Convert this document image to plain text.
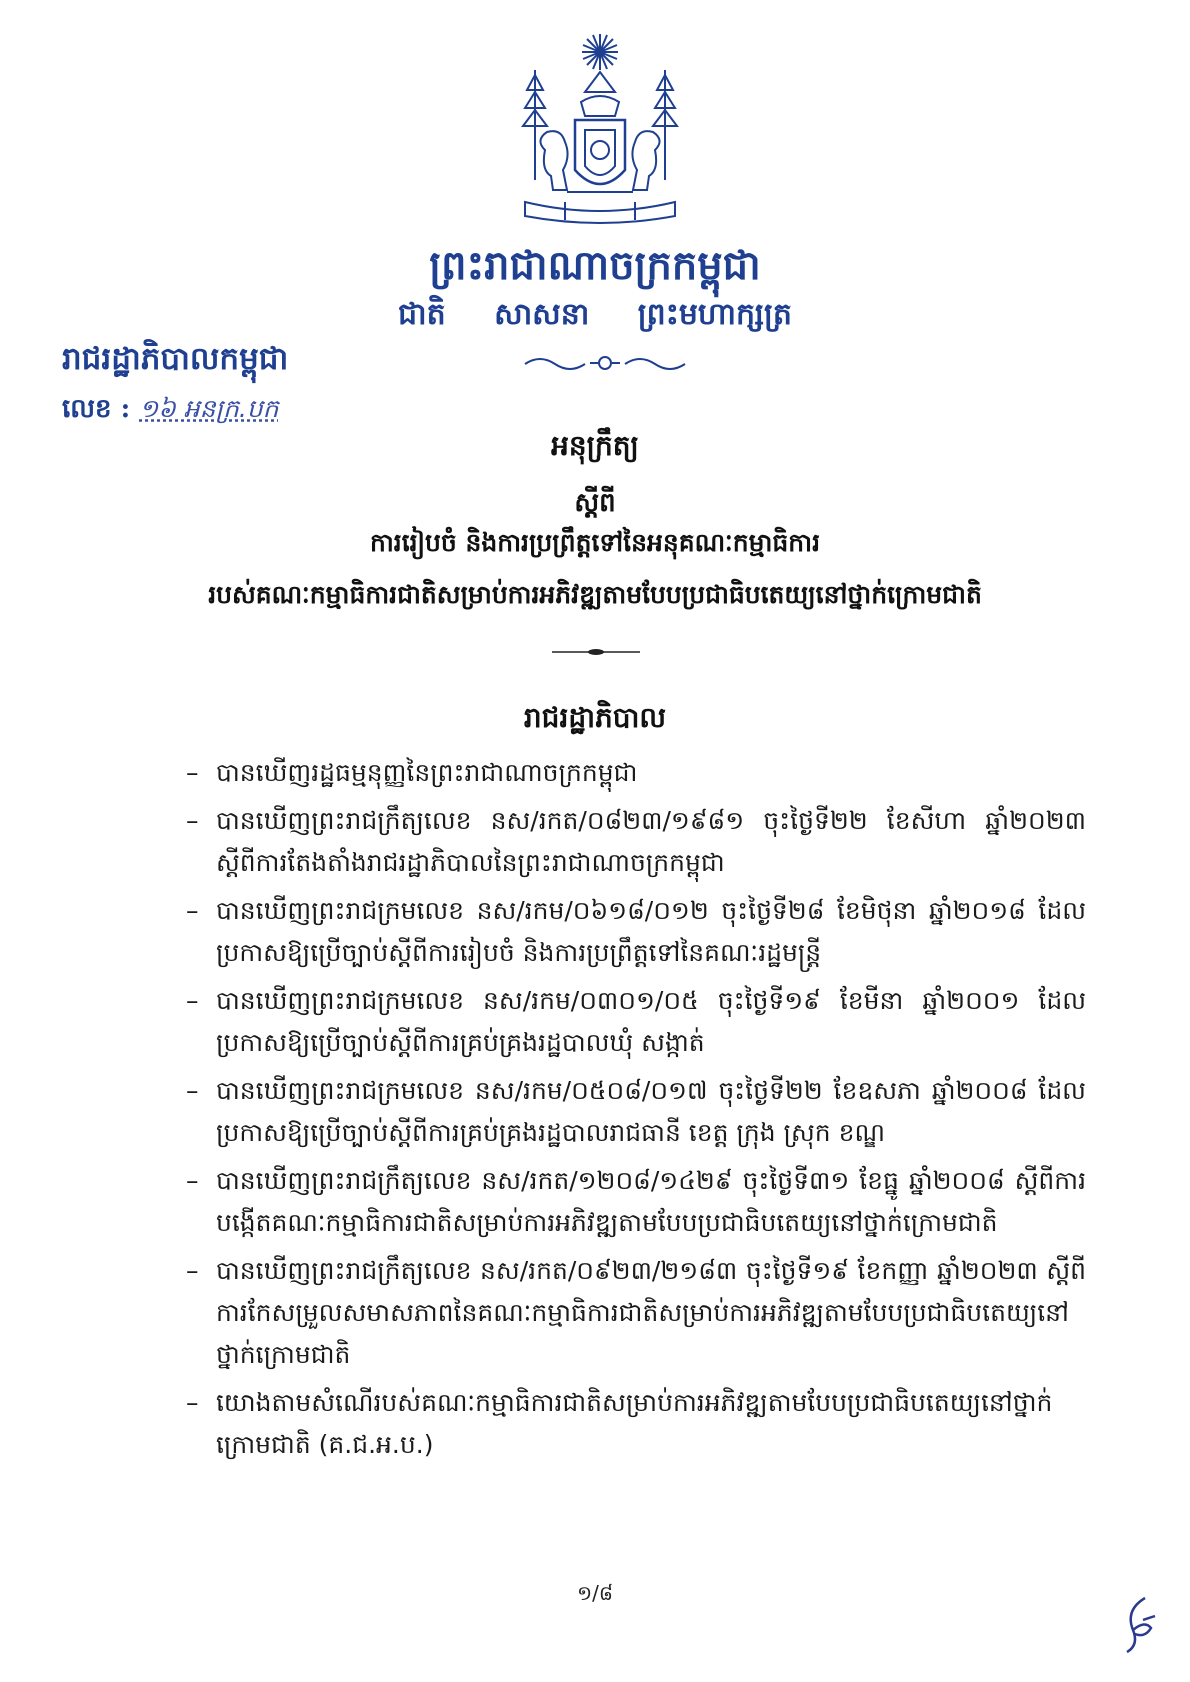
ព្រះរាជាណាចក្រកម្ពុជា
ជាតិ សាសនា ព្រះមហាក្សត្រ
រាជរដ្ឋាភិបាលកម្ពុជា
លេខ : ១៦ អនក្រ.បក
អនុក្រឹត្យ
ស្តីពី
ការរៀបចំ និងការប្រព្រឹត្តទៅនៃអនុគណៈកម្មាធិការ
របស់គណៈកម្មាធិការជាតិសម្រាប់ការអភិវឌ្ឍតាមបែបប្រជាធិបតេយ្យនៅថ្នាក់ក្រោមជាតិ
រាជរដ្ឋាភិបាល
– បានឃើញរដ្ឋធម្មនុញ្ញនៃព្រះរាជាណាចក្រកម្ពុជា
– បានឃើញព្រះរាជក្រឹត្យលេខ នស/រកត/០៨២៣/១៩៨១ ចុះថ្ងៃទី២២ ខែសីហា ឆ្នាំ២០២៣ ស្តីពីការតែងតាំងរាជរដ្ឋាភិបាលនៃព្រះរាជាណាចក្រកម្ពុជា
– បានឃើញព្រះរាជក្រមលេខ នស/រកម/០៦១៨/០១២ ចុះថ្ងៃទី២៨ ខែមិថុនា ឆ្នាំ២០១៨ ដែលប្រកាសឱ្យប្រើច្បាប់ស្តីពីការរៀបចំ និងការប្រព្រឹត្តទៅនៃគណៈរដ្ឋមន្ត្រី
– បានឃើញព្រះរាជក្រមលេខ នស/រកម/០៣០១/០៥ ចុះថ្ងៃទី១៩ ខែមីនា ឆ្នាំ២០០១ ដែលប្រកាសឱ្យប្រើច្បាប់ស្តីពីការគ្រប់គ្រងរដ្ឋបាលឃុំ សង្កាត់
– បានឃើញព្រះរាជក្រមលេខ នស/រកម/០៥០៨/០១៧ ចុះថ្ងៃទី២២ ខែឧសភា ឆ្នាំ២០០៨ ដែលប្រកាសឱ្យប្រើច្បាប់ស្តីពីការគ្រប់គ្រងរដ្ឋបាលរាជធានី ខេត្ត ក្រុង ស្រុក ខណ្ឌ
– បានឃើញព្រះរាជក្រឹត្យលេខ នស/រកត/១២០៨/១៤២៩ ចុះថ្ងៃទី៣១ ខែធ្នូ ឆ្នាំ២០០៨ ស្តីពីការបង្កើតគណៈកម្មាធិការជាតិសម្រាប់ការអភិវឌ្ឍតាមបែបប្រជាធិបតេយ្យនៅថ្នាក់ក្រោមជាតិ
– បានឃើញព្រះរាជក្រឹត្យលេខ នស/រកត/០៩២៣/២១៨៣ ចុះថ្ងៃទី១៩ ខែកញ្ញា ឆ្នាំ២០២៣ ស្តីពីការកែសម្រួលសមាសភាពនៃគណៈកម្មាធិការជាតិសម្រាប់ការអភិវឌ្ឍតាមបែបប្រជាធិបតេយ្យនៅថ្នាក់ក្រោមជាតិ
– យោងតាមសំណើរបស់គណៈកម្មាធិការជាតិសម្រាប់ការអភិវឌ្ឍតាមបែបប្រជាធិបតេយ្យនៅថ្នាក់ក្រោមជាតិ (គ.ជ.អ.ប.)
១/៨
